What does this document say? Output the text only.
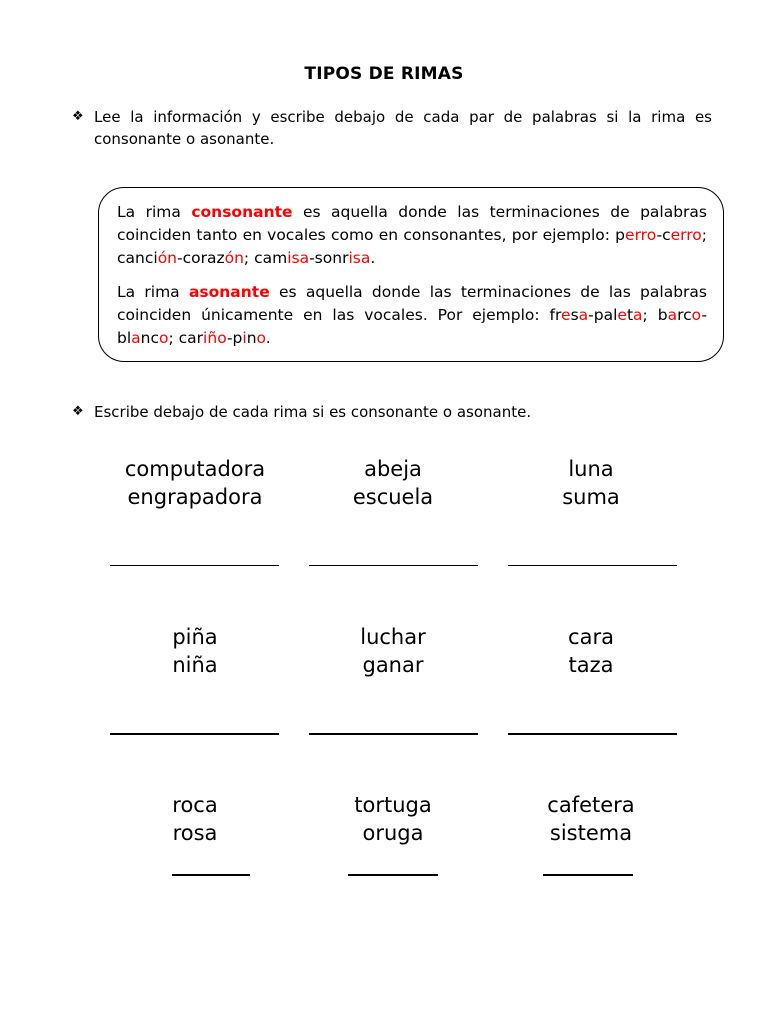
TIPOS DE RIMAS
❖ Lee la información y escribe debajo de cada par de palabras si la rima es consonante o asonante.

La rima consonante es aquella donde las terminaciones de palabras coinciden tanto en vocales como en consonantes, por ejemplo: perro-cerro; canción-corazón; camisa-sonrisa.

La rima asonante es aquella donde las terminaciones de las palabras coinciden únicamente en las vocales. Por ejemplo: fresa-paleta; barco- blanco; cariño-pino.

❖ Escribe debajo de cada rima si es consonante o asonante.
computadora
engrapadora
abeja
escuela
luna
suma
piña
niña
luchar
ganar
cara
taza
roca
rosa
tortuga
oruga
cafetera
sistema
